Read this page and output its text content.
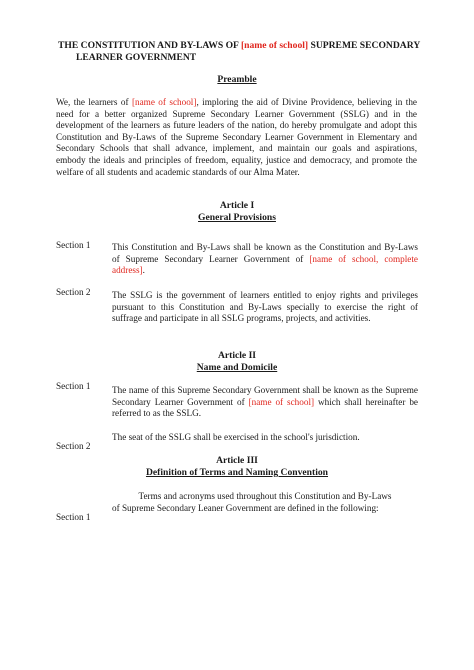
THE CONSTITUTION AND BY-LAWS OF [name of school] SUPREME SECONDARY
LEARNER GOVERNMENT
Preamble
We, the learners of [name of school], imploring the aid of Divine Providence, believing in the need for a better organized Supreme Secondary Learner Government (SSLG) and in the development of the learners as future leaders of the nation, do hereby promulgate and adopt this Constitution and By-Laws of the Supreme Secondary Learner Government in Elementary and Secondary Schools that shall advance, implement, and maintain our goals and aspirations, embody the ideals and principles of freedom, equality, justice and democracy, and promote the welfare of all students and academic standards of our Alma Mater.
Article I
General Provisions
Section 1 This Constitution and By-Laws shall be known as the Constitution and By-Laws of Supreme Secondary Learner Government of [name of school, complete address].
Section 2 The SSLG is the government of learners entitled to enjoy rights and privileges pursuant to this Constitution and By-Laws specially to exercise the right of suffrage and participate in all SSLG programs, projects, and activities.
Article II
Name and Domicile
Section 1 The name of this Supreme Secondary Government shall be known as the Supreme Secondary Learner Government of [name of school] which shall hereinafter be referred to as the SSLG.
The seat of the SSLG shall be exercised in the school's jurisdiction.
Section 2
Article III
Definition of Terms and Naming Convention
Terms and acronyms used throughout this Constitution and By-Laws
of Supreme Secondary Leaner Government are defined in the following:
Section 1
